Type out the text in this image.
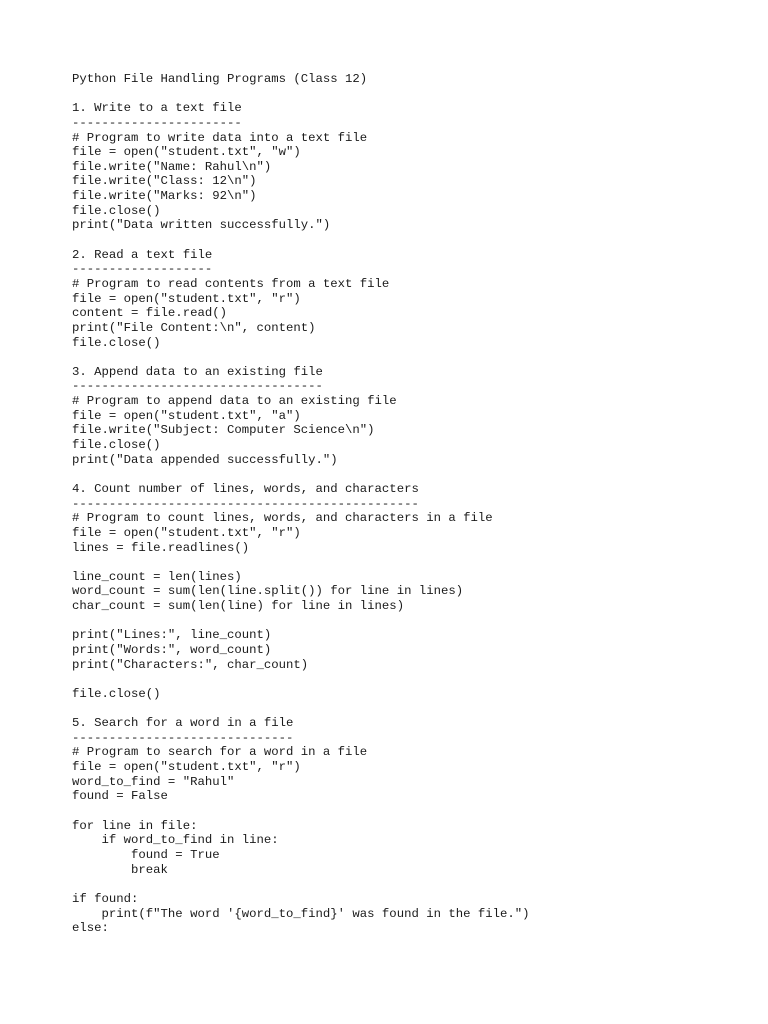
Python File Handling Programs (Class 12)

1. Write to a text file
-----------------------
# Program to write data into a text file
file = open("student.txt", "w")
file.write("Name: Rahul\n")
file.write("Class: 12\n")
file.write("Marks: 92\n")
file.close()
print("Data written successfully.")

2. Read a text file
-------------------
# Program to read contents from a text file
file = open("student.txt", "r")
content = file.read()
print("File Content:\n", content)
file.close()

3. Append data to an existing file
----------------------------------
# Program to append data to an existing file
file = open("student.txt", "a")
file.write("Subject: Computer Science\n")
file.close()
print("Data appended successfully.")

4. Count number of lines, words, and characters
-----------------------------------------------
# Program to count lines, words, and characters in a file
file = open("student.txt", "r")
lines = file.readlines()

line_count = len(lines)
word_count = sum(len(line.split()) for line in lines)
char_count = sum(len(line) for line in lines)

print("Lines:", line_count)
print("Words:", word_count)
print("Characters:", char_count)

file.close()

5. Search for a word in a file
------------------------------
# Program to search for a word in a file
file = open("student.txt", "r")
word_to_find = "Rahul"
found = False

for line in file:
if word_to_find in line:
found = True
break

if found:
print(f"The word '{word_to_find}' was found in the file.")
else:
